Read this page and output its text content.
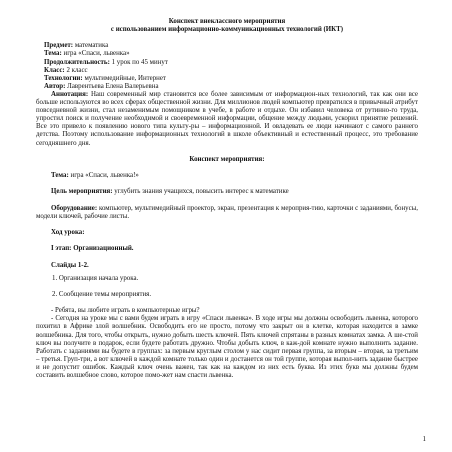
Конспект внеклассного мероприятия

с использованием информационно-коммуникационных технологий (ИКТ)

Предмет: математика

Тема: игра «Спаси, львенка»

Продолжительность: 1 урок по 45 минут

Класс: 2 класс

Технологии: мультимедийные, Интернет

Автор: Лаврентьева Елена Валерьевна

Аннотация: Наш современный мир становится все более зависимым от информацион-ных технологий, так как они все больше используются во всех сферах общественной жизни. Для миллионов людей компьютер превратился в привычный атрибут повседневной жизни, стал незаменимым помощником в учебе, в работе и отдыхе. Он избавил человека от рутинно-го труда, упростил поиск и получение необходимой и своевременной информации, общение между людьми, ускорил принятие решений. Все это привело к появлению нового типа культу-ры – информационной. И овладевать ее люди начинают с самого раннего детства. Поэтому использование информационных технологий в школе объективный и естественный процесс, это требование сегодняшнего дня.

Конспект мероприятия:

Тема: игра «Спаси, львенка!»

Цель мероприятия: углубить знания учащихся, повысить интерес к математике

Оборудование: компьютер, мультимедийный проектор, экран, презентация к мероприя-тию, карточки с заданиями, бонусы, модели ключей, рабочие листы.

Ход урока:

I этап: Организационный.

Слайды 1-2.

1. Организация начала урока.

2. Сообщение темы мероприятия.

- Ребята, вы любите играть в компьютерные игры?

- Сегодня на уроке мы с вами будем играть в игру «Спаси львенка». В ходе игры мы должны освободить львенка, которого похитил в Африке злой волшебник. Освободить его не просто, потому что закрыт он в клетке, которая находится в замке волшебника. Для того, чтобы открыть, нужно добыть шесть ключей. Пять ключей спрятаны в разных комнатах замка. А ше-стой ключ вы получите в подарок, если будете работать дружно. Чтобы добыть ключ, в каж-дой комнате нужно выполнить задание. Работать с заданиями вы будете в группах: за первым круглым столом у нас сидит первая группа, за вторым – вторая, за третьим – третья. Груп-три, а вот ключей в каждой комнате только один и достанется он той группе, которая выпол-нить задание быстрее и не допустит ошибок. Каждый ключ очень важен, так как на каждом из них есть буква. Из этих букв мы должны будем составить волшебное слово, которое помо-жет нам спасти львенка.

1
